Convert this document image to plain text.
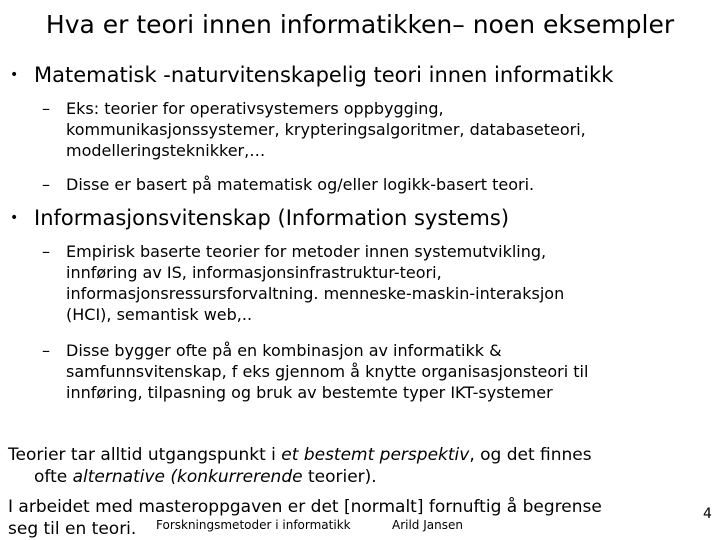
Hva er teori innen informatikken– noen eksempler
• Matematisk -naturvitenskapelig teori innen informatikk
– Eks: teorier for operativsystemers oppbygging,
kommunikasjonssystemer, krypteringsalgoritmer, databaseteori,
modelleringsteknikker,…
– Disse er basert på matematisk og/eller logikk-basert teori.
• Informasjonsvitenskap (Information systems)
– Empirisk baserte teorier for metoder innen systemutvikling,
innføring av IS, informasjonsinfrastruktur-teori,
informasjonsressursforvaltning. menneske-maskin-interaksjon
(HCI), semantisk web,..
– Disse bygger ofte på en kombinasjon av informatikk &
samfunnsvitenskap, f eks gjennom å knytte organisasjonsteori til
innføring, tilpasning og bruk av bestemte typer IKT-systemer
Teorier tar alltid utgangspunkt i et bestemt perspektiv, og det finnes
ofte alternative (konkurrerende teorier).
I arbeidet med masteroppgaven er det [normalt] fornuftig å begrense
seg til en teori.	Forskningsmetoder i informatikk	Arild Jansen
4
